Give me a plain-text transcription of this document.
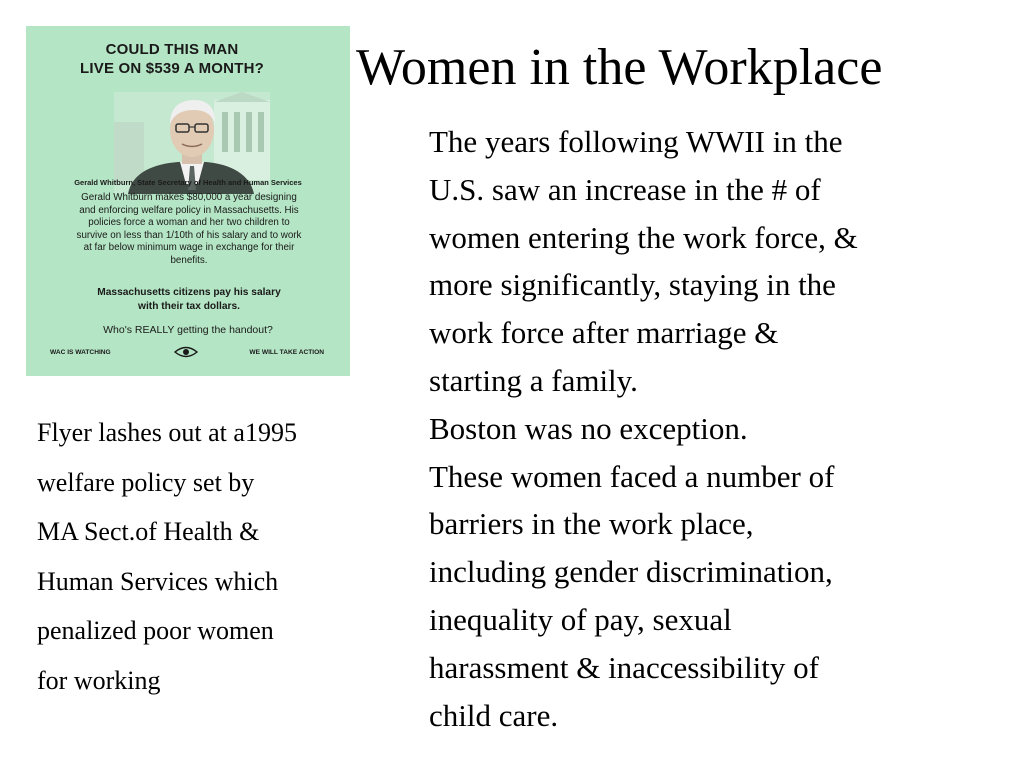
COULD THIS MAN
LIVE ON $539 A MONTH?
Gerald Whitburn, State Secretary of Health and Human Services
Gerald Whitburn makes $80,000 a year designing
and enforcing welfare policy in Massachusetts. His
policies force a woman and her two children to
survive on less than 1/10th of his salary and to work
at far below minimum wage in exchange for their
benefits.
Massachusetts citizens pay his salary
with their tax dollars.
Who's REALLY getting the handout?
WAC IS WATCHING	WE WILL TAKE ACTION
Women in the Workplace
Flyer lashes out at a1995
welfare policy set by
MA Sect.of Health &
Human Services which
penalized poor women
for working
The years following WWII in the
U.S. saw an increase in the # of
women entering the work force, &
more significantly, staying in the
work force after marriage &
starting a family.
Boston was no exception.
These women faced a number of
barriers in the work place,
including gender discrimination,
inequality of pay, sexual
harassment & inaccessibility of
child care.
